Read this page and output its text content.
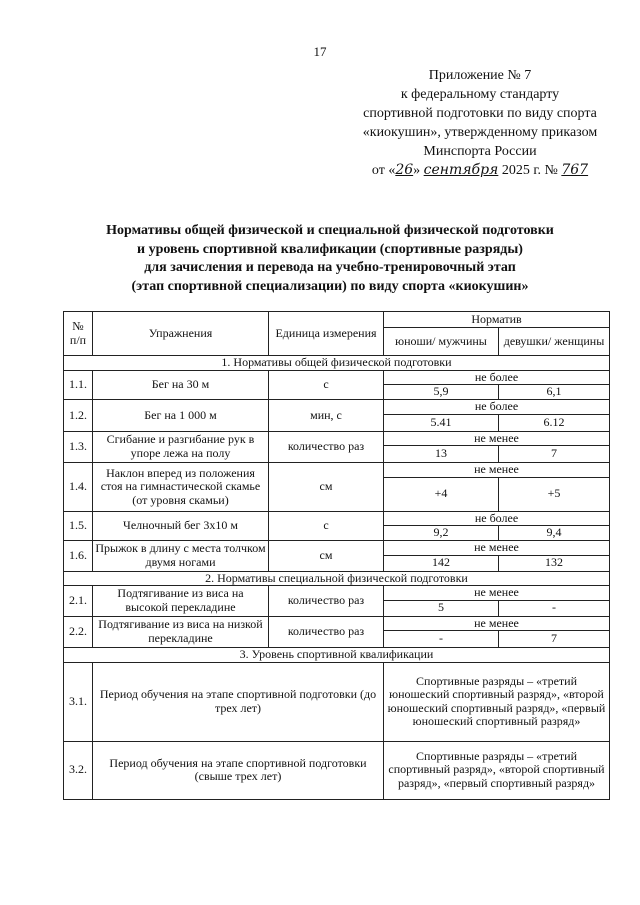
17
Приложение № 7
к федеральному стандарту
спортивной подготовки по виду спорта
«киокушин», утвержденному приказом
Минспорта России
от «26» сентября 2025 г. № 767
Нормативы общей физической и специальной физической подготовки
и уровень спортивной квалификации (спортивные разряды)
для зачисления и перевода на учебно-тренировочный этап
(этап спортивной специализации) по виду спорта «киокушин»
№ п/п	Упражнения	Единица измерения	Норматив	
			юноши/ мужчины	девушки/ женщины
1. Нормативы общей физической подготовки				
1.1.	Бег на 30 м	с	не более	
			5,9	6,1
1.2.	Бег на 1 000 м	мин, с	не более	
			5.41	6.12
1.3.	Сгибание и разгибание рук в упоре лежа на полу	количество раз	не менее	
			13	7
1.4.	Наклон вперед из положения стоя на гимнастической скамье (от уровня скамьи)	см	не менее	
			+4	+5
1.5.	Челночный бег 3х10 м	с	не более	
			9,2	9,4
1.6.	Прыжок в длину с места толчком двумя ногами	см	не менее	
			142	132
2. Нормативы специальной физической подготовки				
2.1.	Подтягивание из виса на высокой перекладине	количество раз	не менее	
			5	-
2.2.	Подтягивание из виса на низкой перекладине	количество раз	не менее	
			-	7
3. Уровень спортивной квалификации				
3.1.	Период обучения на этапе спортивной подготовки (до трех лет)		Спортивные разряды – «третий юношеский спортивный разряд», «второй юношеский спортивный разряд», «первый юношеский спортивный разряд»	
3.2.	Период обучения на этапе спортивной подготовки (свыше трех лет)		Спортивные разряды – «третий спортивный разряд», «второй спортивный разряд», «первый спортивный разряд»	
